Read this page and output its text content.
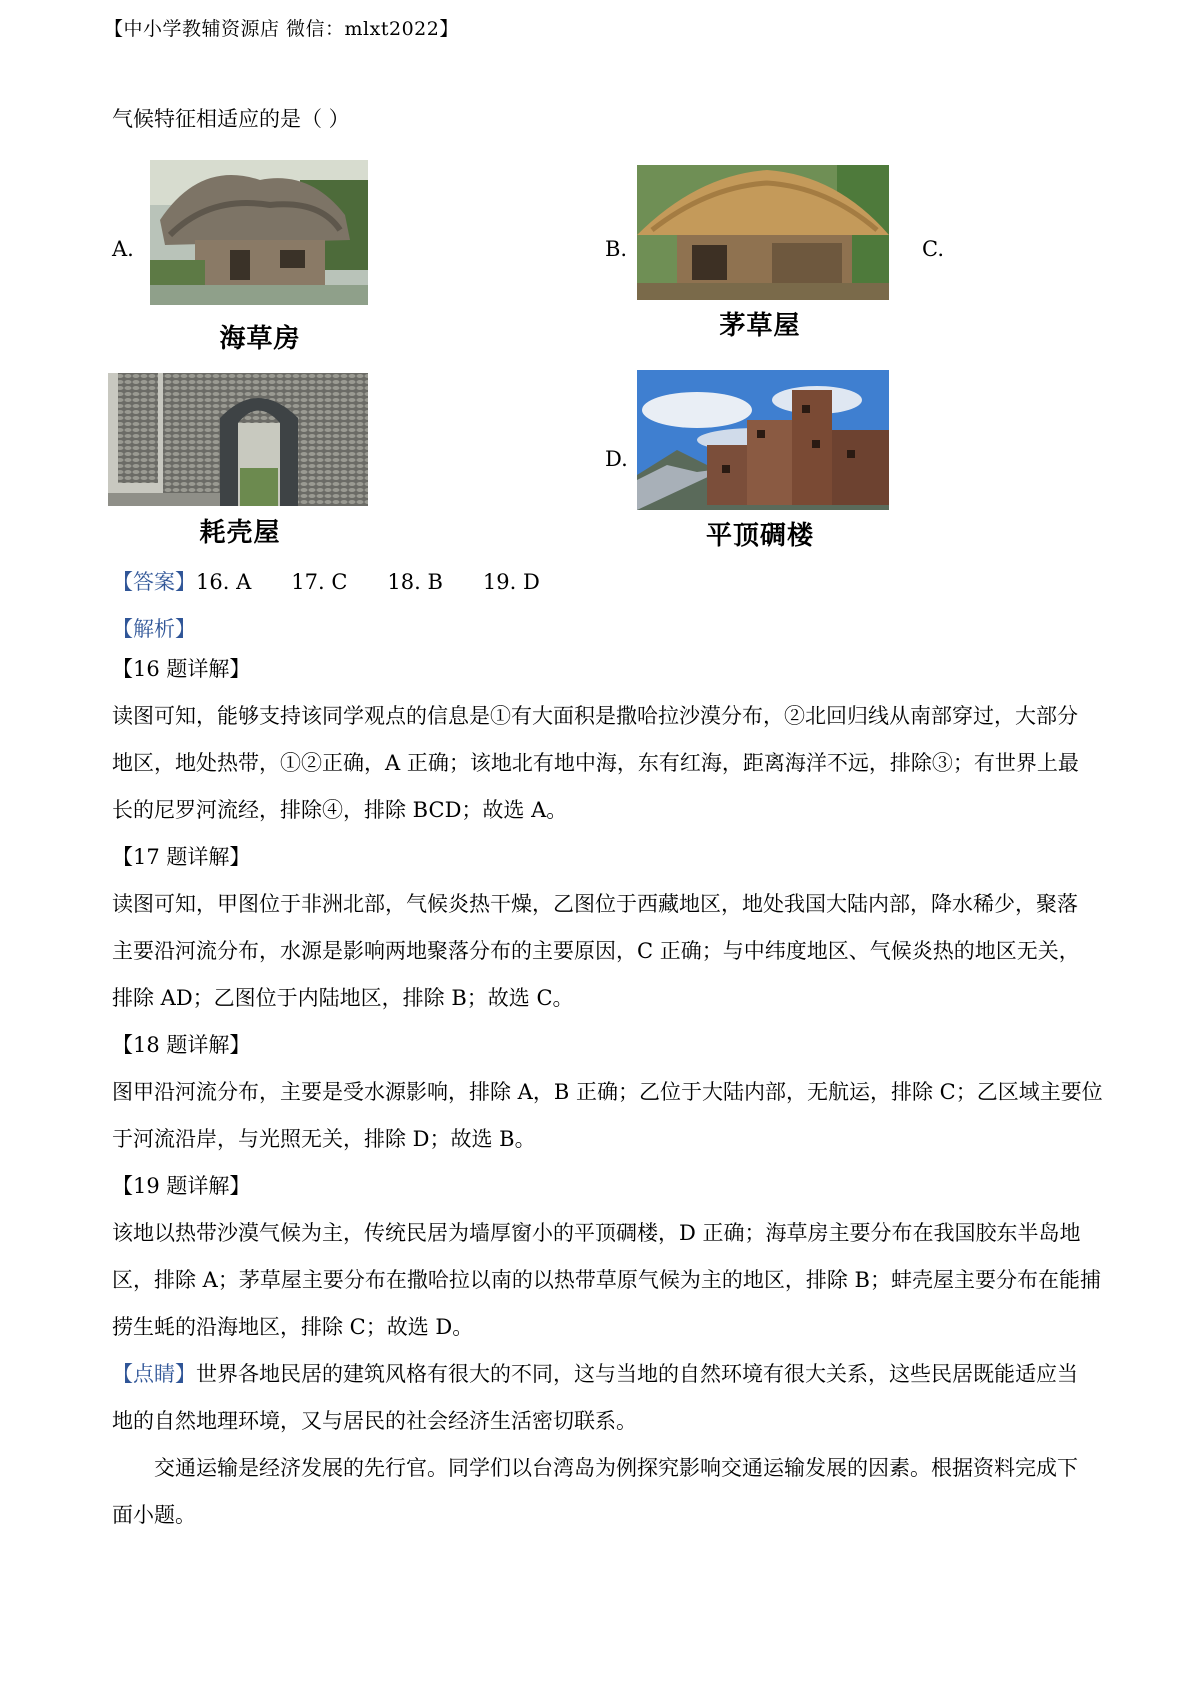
【中小学教辅资源店 微信：mlxt2022】
气候特征相适应的是（ ）
A.
海草房
B.
茅草屋
C.
耗壳屋
D.
平顶碉楼
【答案】16. A 17. C 18. B 19. D
【解析】

【16 题详解】

读图可知，能够支持该同学观点的信息是①有大面积是撒哈拉沙漠分布，②北回归线从南部穿过，大部分

地区，地处热带，①②正确，A 正确；该地北有地中海，东有红海，距离海洋不远，排除③；有世界上最

长的尼罗河流经，排除④，排除 BCD；故选 A。

【17 题详解】

读图可知，甲图位于非洲北部，气候炎热干燥，乙图位于西藏地区，地处我国大陆内部，降水稀少，聚落

主要沿河流分布，水源是影响两地聚落分布的主要原因，C 正确；与中纬度地区、气候炎热的地区无关，

排除 AD；乙图位于内陆地区，排除 B；故选 C。

【18 题详解】

图甲沿河流分布，主要是受水源影响，排除 A，B 正确；乙位于大陆内部，无航运，排除 C；乙区域主要位

于河流沿岸，与光照无关，排除 D；故选 B。

【19 题详解】

该地以热带沙漠气候为主，传统民居为墙厚窗小的平顶碉楼，D 正确；海草房主要分布在我国胶东半岛地

区，排除 A；茅草屋主要分布在撒哈拉以南的以热带草原气候为主的地区，排除 B；蚌壳屋主要分布在能捕

捞生蚝的沿海地区，排除 C；故选 D。

【点睛】世界各地民居的建筑风格有很大的不同，这与当地的自然环境有很大关系，这些民居既能适应当

地的自然地理环境，又与居民的社会经济生活密切联系。

交通运输是经济发展的先行官。同学们以台湾岛为例探究影响交通运输发展的因素。根据资料完成下

面小题。
